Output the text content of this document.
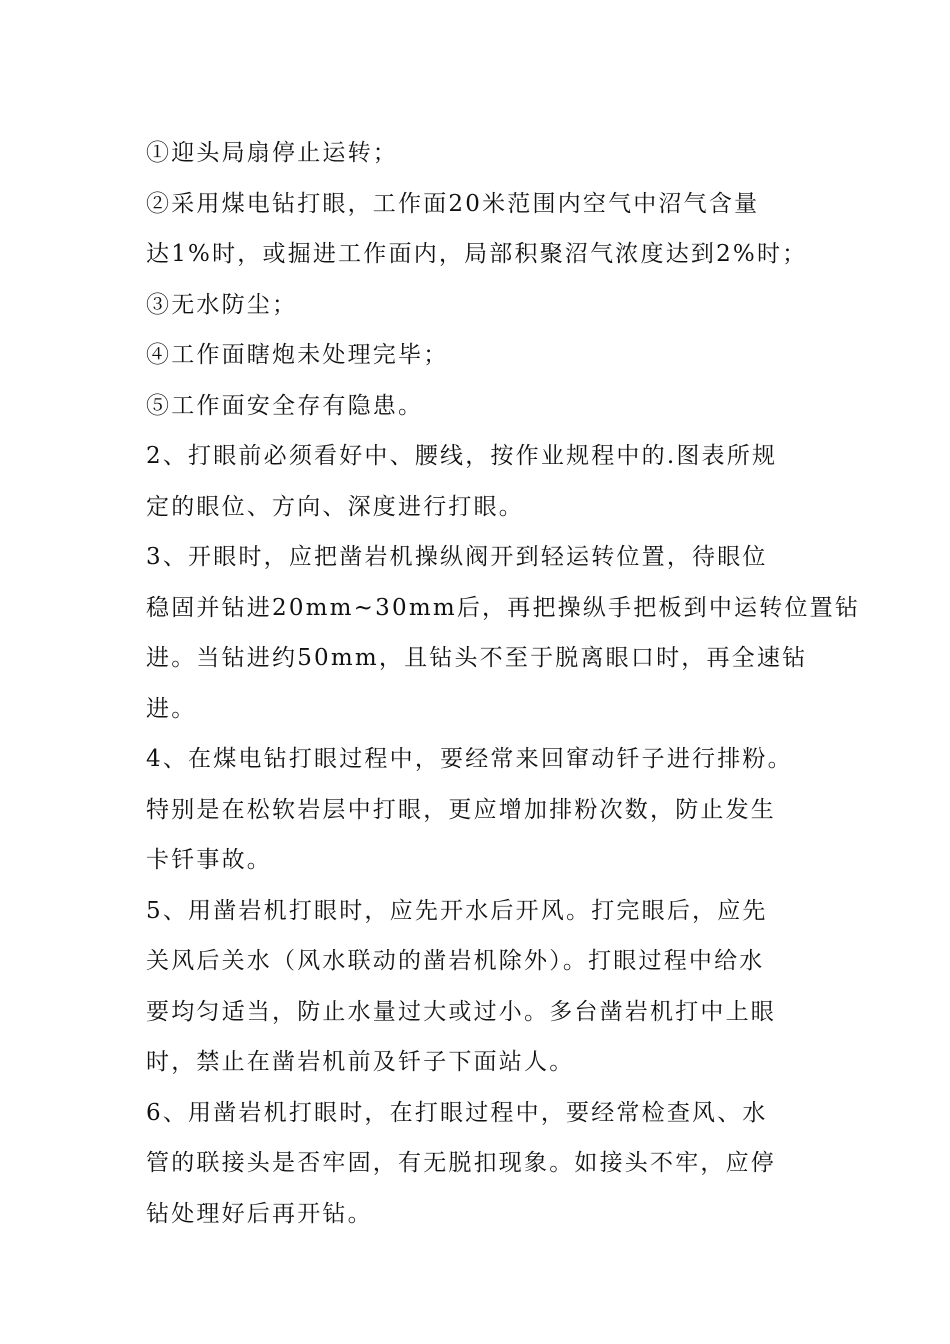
①迎头局扇停止运转；
②采用煤电钻打眼，工作面20米范围内空气中沼气含量
达1%时，或掘进工作面内，局部积聚沼气浓度达到2%时；
③无水防尘；
④工作面瞎炮未处理完毕；
⑤工作面安全存有隐患。
2、打眼前必须看好中、腰线，按作业规程中的.图表所规
定的眼位、方向、深度进行打眼。
3、开眼时，应把凿岩机操纵阀开到轻运转位置，待眼位
稳固并钻进20mm~30mm后，再把操纵手把板到中运转位置钻
进。当钻进约50mm，且钻头不至于脱离眼口时，再全速钻
进。
4、在煤电钻打眼过程中，要经常来回窜动钎子进行排粉。
特别是在松软岩层中打眼，更应增加排粉次数，防止发生
卡钎事故。
5、用凿岩机打眼时，应先开水后开风。打完眼后，应先
关风后关水（风水联动的凿岩机除外）。打眼过程中给水
要均匀适当，防止水量过大或过小。多台凿岩机打中上眼
时，禁止在凿岩机前及钎子下面站人。
6、用凿岩机打眼时，在打眼过程中，要经常检查风、水
管的联接头是否牢固，有无脱扣现象。如接头不牢，应停
钻处理好后再开钻。
